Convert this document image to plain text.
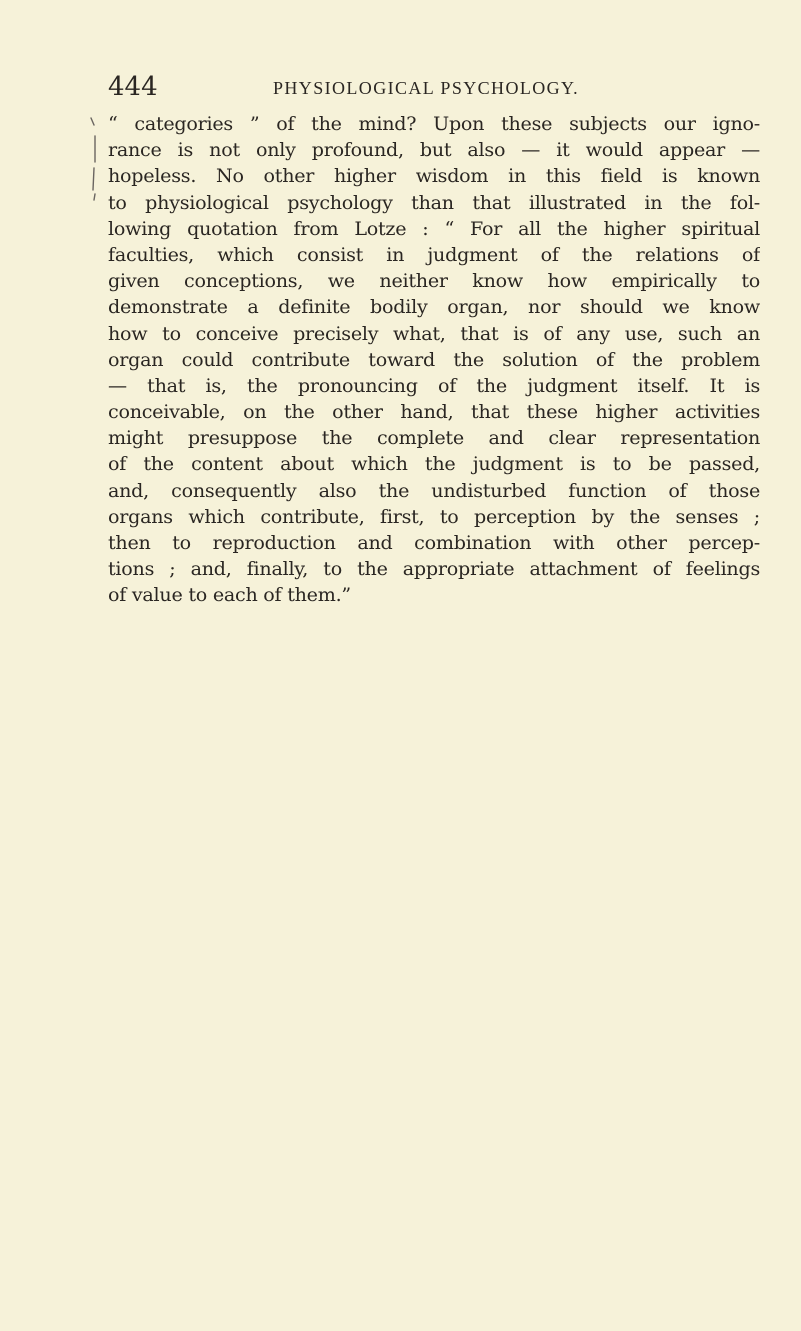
444	PHYSIOLOGICAL PSYCHOLOGY.
“ categories ” of the mind? Upon these subjects our igno-
rance is not only profound, but also — it would appear —
hopeless. No other higher wisdom in this field is known
to physiological psychology than that illustrated in the fol-
lowing quotation from Lotze : “ For all the higher spiritual
faculties, which consist in judgment of the relations of
given conceptions, we neither know how empirically to
demonstrate a definite bodily organ, nor should we know
how to conceive precisely what, that is of any use, such an
organ could contribute toward the solution of the problem
— that is, the pronouncing of the judgment itself. It is
conceivable, on the other hand, that these higher activities
might presuppose the complete and clear representation
of the content about which the judgment is to be passed,
and, consequently also the undisturbed function of those
organs which contribute, first, to perception by the senses ;
then to reproduction and combination with other percep-
tions ; and, finally, to the appropriate attachment of feelings
of value to each of them.”
